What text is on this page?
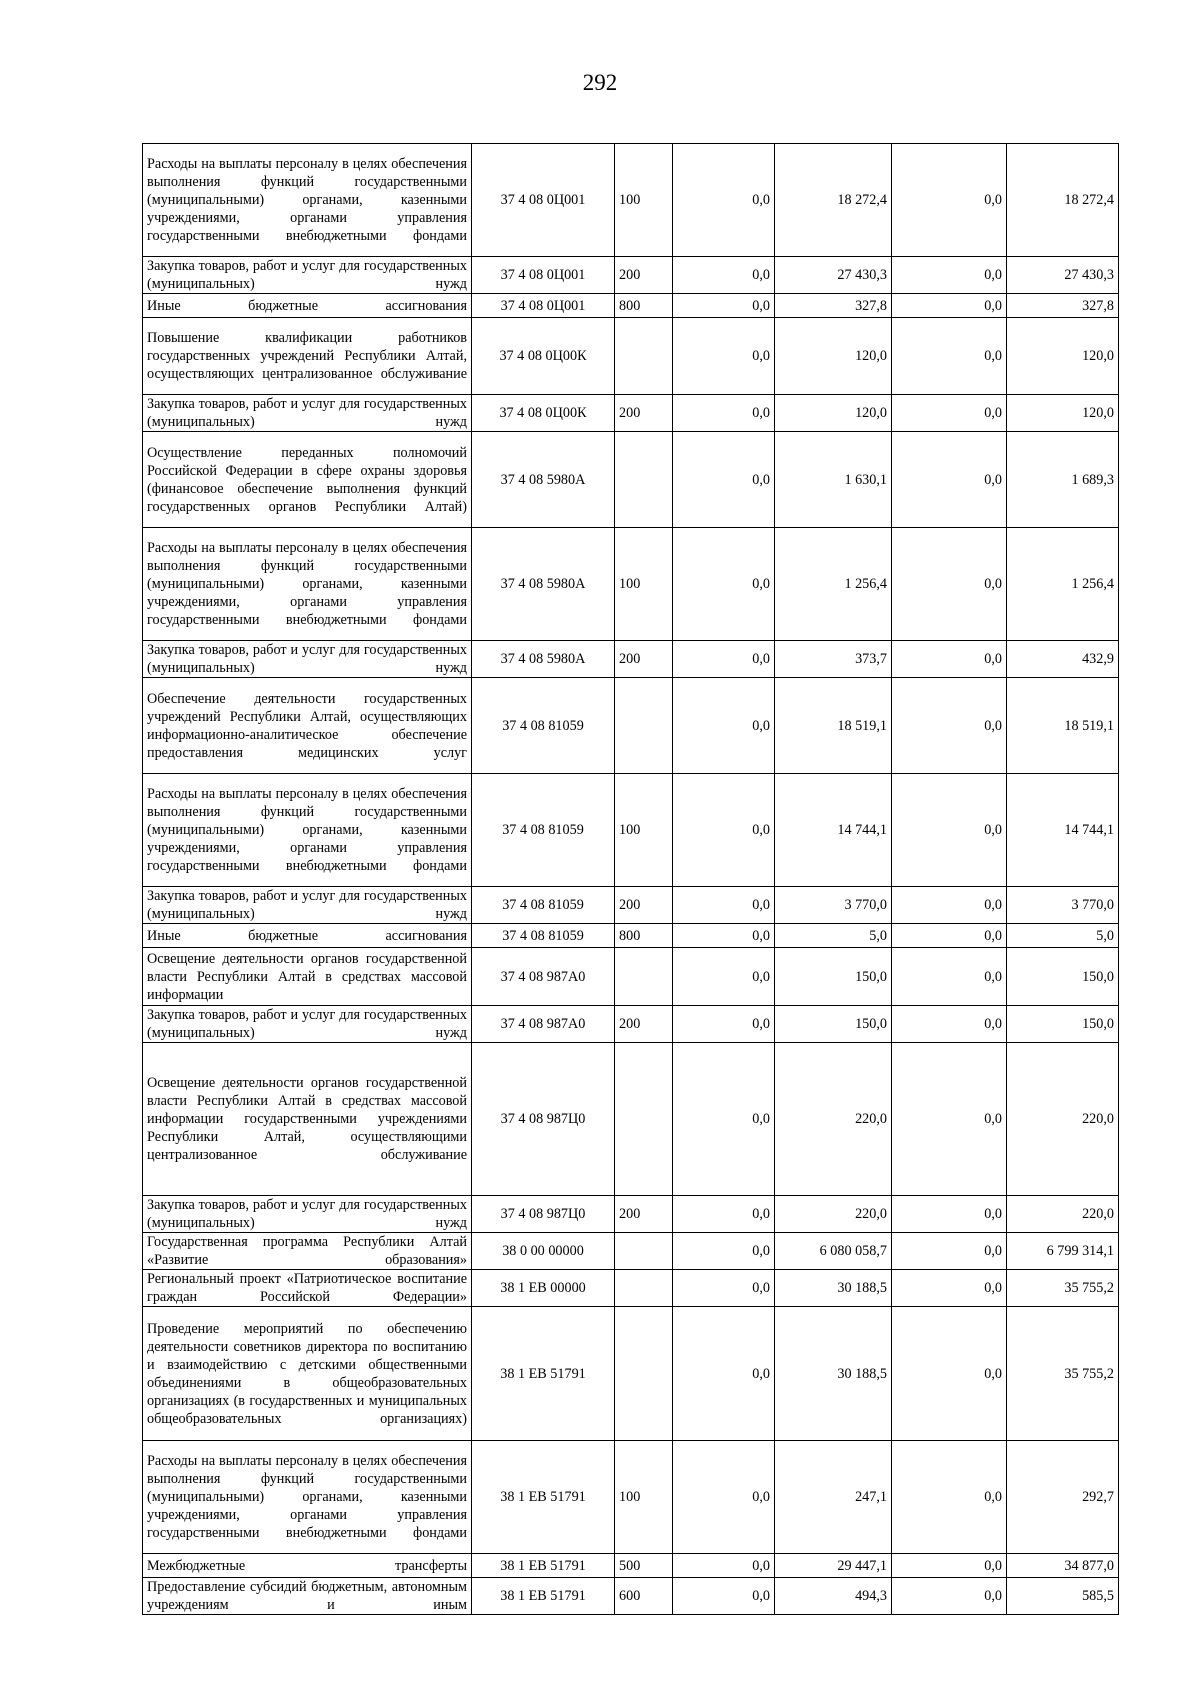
292
Расходы на выплаты персоналу в целях обеспечения выполнения функций государственными (муниципальными) органами, казенными учреждениями, органами управления государственными внебюджетными фондами	37 4 08 0Ц001	100	0,0	18 272,4	0,0	18 272,4
Закупка товаров, работ и услуг для государственных (муниципальных) нужд	37 4 08 0Ц001	200	0,0	27 430,3	0,0	27 430,3
Иные бюджетные ассигнования	37 4 08 0Ц001	800	0,0	327,8	0,0	327,8
Повышение квалификации работников государственных учреждений Республики Алтай, осуществляющих централизованное обслуживание	37 4 08 0Ц00К		0,0	120,0	0,0	120,0
Закупка товаров, работ и услуг для государственных (муниципальных) нужд	37 4 08 0Ц00К	200	0,0	120,0	0,0	120,0
Осуществление переданных полномочий Российской Федерации в сфере охраны здоровья (финансовое обеспечение выполнения функций государственных органов Республики Алтай)	37 4 08 5980А		0,0	1 630,1	0,0	1 689,3
Расходы на выплаты персоналу в целях обеспечения выполнения функций государственными (муниципальными) органами, казенными учреждениями, органами управления государственными внебюджетными фондами	37 4 08 5980А	100	0,0	1 256,4	0,0	1 256,4
Закупка товаров, работ и услуг для государственных (муниципальных) нужд	37 4 08 5980А	200	0,0	373,7	0,0	432,9
Обеспечение деятельности государственных учреждений Республики Алтай, осуществляющих информационно-аналитическое обеспечение предоставления медицинских услуг	37 4 08 81059		0,0	18 519,1	0,0	18 519,1
Расходы на выплаты персоналу в целях обеспечения выполнения функций государственными (муниципальными) органами, казенными учреждениями, органами управления государственными внебюджетными фондами	37 4 08 81059	100	0,0	14 744,1	0,0	14 744,1
Закупка товаров, работ и услуг для государственных (муниципальных) нужд	37 4 08 81059	200	0,0	3 770,0	0,0	3 770,0
Иные бюджетные ассигнования	37 4 08 81059	800	0,0	5,0	0,0	5,0
Освещение деятельности органов государственной власти Республики Алтай в средствах массовой информации	37 4 08 987А0		0,0	150,0	0,0	150,0
Закупка товаров, работ и услуг для государственных (муниципальных) нужд	37 4 08 987А0	200	0,0	150,0	0,0	150,0
Освещение деятельности органов государственной власти Республики Алтай в средствах массовой информации государственными учреждениями Республики Алтай, осуществляющими централизованное обслуживание	37 4 08 987Ц0		0,0	220,0	0,0	220,0
Закупка товаров, работ и услуг для государственных (муниципальных) нужд	37 4 08 987Ц0	200	0,0	220,0	0,0	220,0
Государственная программа Республики Алтай «Развитие образования»	38 0 00 00000		0,0	6 080 058,7	0,0	6 799 314,1
Региональный проект «Патриотическое воспитание граждан Российской Федерации»	38 1 ЕВ 00000		0,0	30 188,5	0,0	35 755,2
Проведение мероприятий по обеспечению деятельности советников директора по воспитанию и взаимодействию с детскими общественными объединениями в общеобразовательных организациях (в государственных и муниципальных общеобразовательных организациях)	38 1 ЕВ 51791		0,0	30 188,5	0,0	35 755,2
Расходы на выплаты персоналу в целях обеспечения выполнения функций государственными (муниципальными) органами, казенными учреждениями, органами управления государственными внебюджетными фондами	38 1 ЕВ 51791	100	0,0	247,1	0,0	292,7
Межбюджетные трансферты	38 1 ЕВ 51791	500	0,0	29 447,1	0,0	34 877,0
Предоставление субсидий бюджетным, автономным учреждениям и иным	38 1 ЕВ 51791	600	0,0	494,3	0,0	585,5
